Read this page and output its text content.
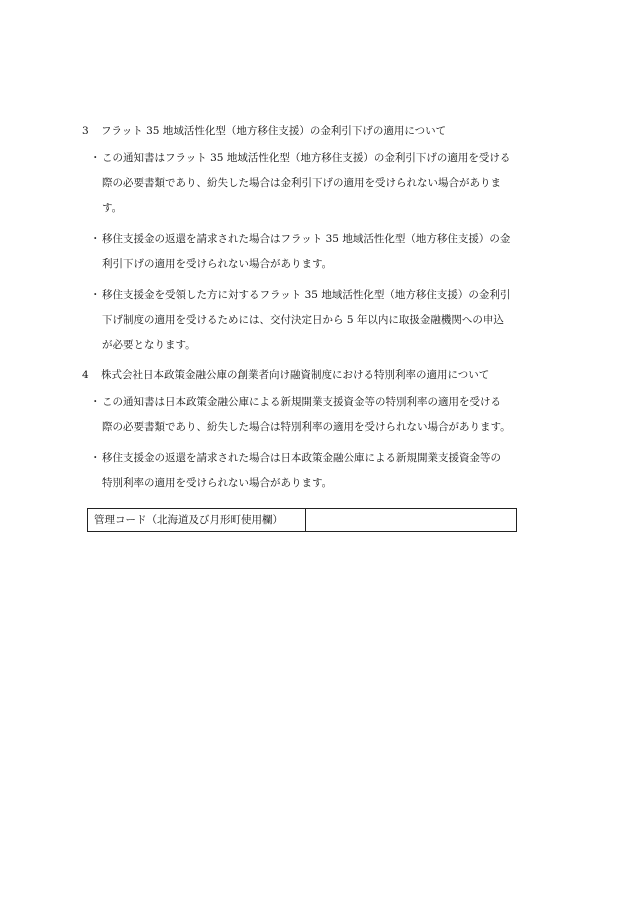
3	フラット 35 地域活性化型（地方移住支援）の金利引下げの適用について
・ この通知書はフラット 35 地域活性化型（地方移住支援）の金利引下げの適用を受ける
際の必要書類であり、紛失した場合は金利引下げの適用を受けられない場合がありま
す。
・ 移住支援金の返還を請求された場合はフラット 35 地域活性化型（地方移住支援）の金
利引下げの適用を受けられない場合があります。
・ 移住支援金を受領した方に対するフラット 35 地域活性化型（地方移住支援）の金利引
下げ制度の適用を受けるためには、交付決定日から 5 年以内に取扱金融機関への申込
が必要となります。
4	株式会社日本政策金融公庫の創業者向け融資制度における特別利率の適用について
・ この通知書は日本政策金融公庫による新規開業支援資金等の特別利率の適用を受ける
際の必要書類であり、紛失した場合は特別利率の適用を受けられない場合があります。
・ 移住支援金の返還を請求された場合は日本政策金融公庫による新規開業支援資金等の
特別利率の適用を受けられない場合があります。
管理コード（北海道及び月形町使用欄）
